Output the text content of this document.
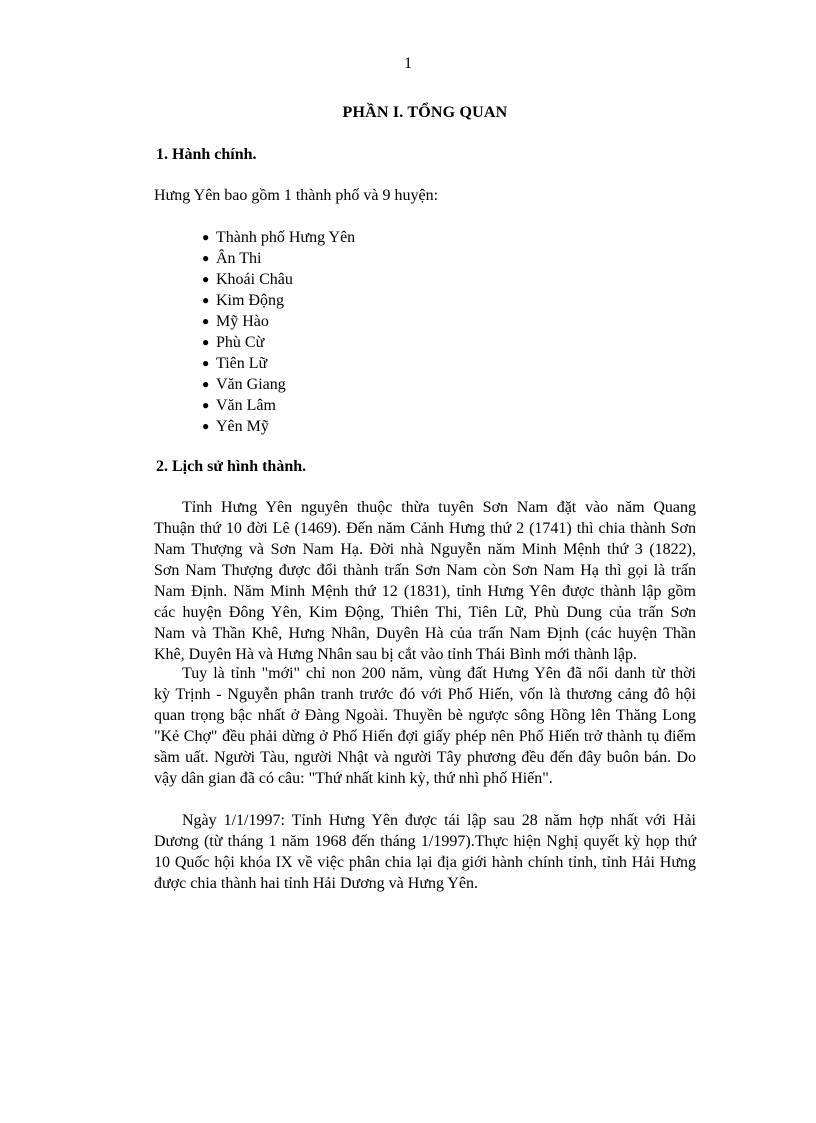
1
PHẦN I. TỔNG QUAN
1. Hành chính.
Hưng Yên bao gồm 1 thành phố và 9 huyện:
● Thành phố Hưng Yên
● Ân Thi
● Khoái Châu
● Kim Động
● Mỹ Hào
● Phù Cừ
● Tiên Lữ
● Văn Giang
● Văn Lâm
● Yên Mỹ
2. Lịch sử hình thành.

Tỉnh Hưng Yên nguyên thuộc thừa tuyên Sơn Nam đặt vào năm Quang
Thuận thứ 10 đời Lê (1469). Đến năm Cảnh Hưng thứ 2 (1741) thì chia thành Sơn
Nam Thượng và Sơn Nam Hạ. Đời nhà Nguyễn năm Minh Mệnh thứ 3 (1822),
Sơn Nam Thượng được đổi thành trấn Sơn Nam còn Sơn Nam Hạ thì gọi là trấn
Nam Định. Năm Minh Mệnh thứ 12 (1831), tỉnh Hưng Yên được thành lập gồm
các huyện Đông Yên, Kim Động, Thiên Thi, Tiên Lữ, Phù Dung của trấn Sơn
Nam và Thần Khê, Hưng Nhân, Duyên Hà của trấn Nam Định (các huyện Thần
Khê, Duyên Hà và Hưng Nhân sau bị cắt vào tỉnh Thái Bình mới thành lập.

Tuy là tỉnh "mới" chỉ non 200 năm, vùng đất Hưng Yên đã nổi danh từ thời
kỳ Trịnh - Nguyễn phân tranh trước đó với Phố Hiến, vốn là thương cảng đô hội
quan trọng bậc nhất ở Đàng Ngoài. Thuyền bè ngược sông Hồng lên Thăng Long
"Kẻ Chợ" đều phải dừng ở Phố Hiến đợi giấy phép nên Phố Hiến trở thành tụ điểm
sầm uất. Người Tàu, người Nhật và người Tây phương đều đến đây buôn bán. Do
vậy dân gian đã có câu: "Thứ nhất kinh kỳ, thứ nhì phố Hiến".

Ngày 1/1/1997: Tỉnh Hưng Yên được tái lập sau 28 năm hợp nhất với Hải
Dương (từ tháng 1 năm 1968 đến tháng 1/1997).Thực hiện Nghị quyết kỳ họp thứ
10 Quốc hội khóa IX về việc phân chia lại địa giới hành chính tỉnh, tỉnh Hải Hưng
được chia thành hai tỉnh Hải Dương và Hưng Yên.
